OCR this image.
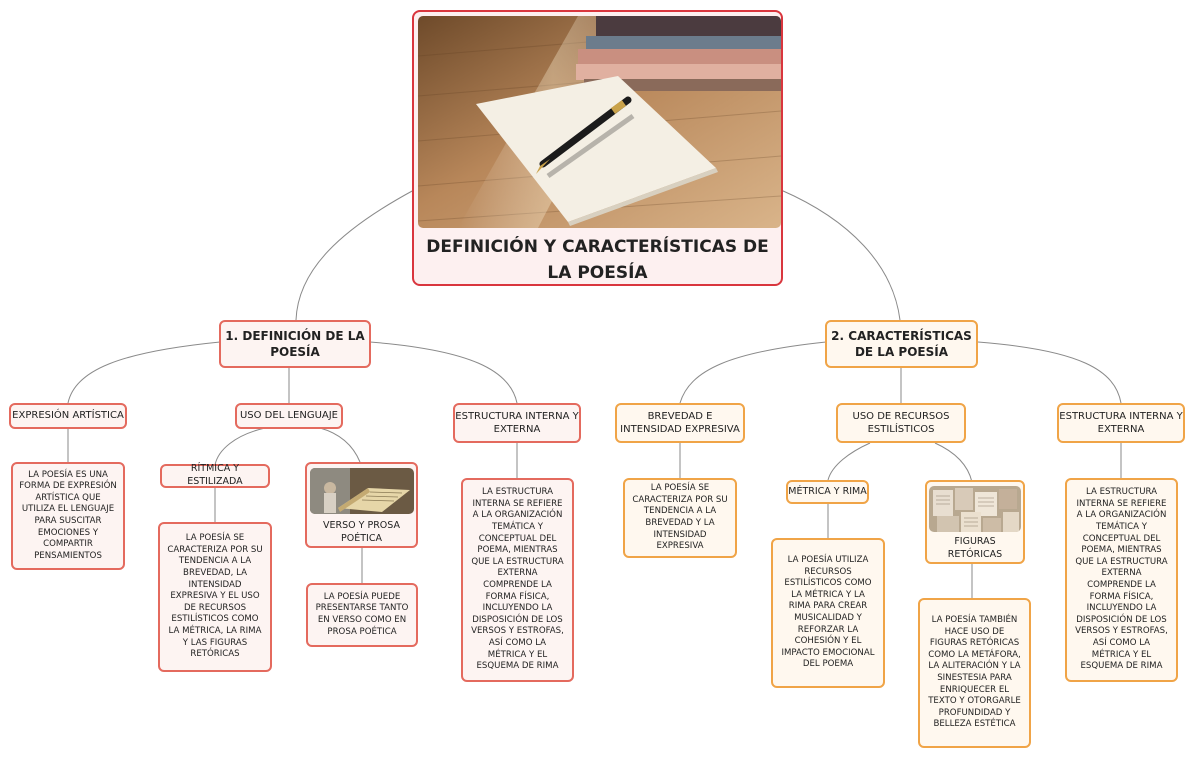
DEFINICIÓN Y CARACTERÍSTICAS DE LA POESÍA
1. DEFINICIÓN DE LA POESÍA
EXPRESIÓN ARTÍSTICA
LA POESÍA ES UNA FORMA DE EXPRESIÓN ARTÍSTICA QUE UTILIZA EL LENGUAJE PARA SUSCITAR EMOCIONES Y COMPARTIR PENSAMIENTOS
USO DEL LENGUAJE
RÍTMICA Y ESTILIZADA
LA POESÍA SE CARACTERIZA POR SU TENDENCIA A LA BREVEDAD, LA INTENSIDAD EXPRESIVA Y EL USO DE RECURSOS ESTILÍSTICOS COMO LA MÉTRICA, LA RIMA Y LAS FIGURAS RETÓRICAS
VERSO Y PROSA POÉTICA
LA POESÍA PUEDE PRESENTARSE TANTO EN VERSO COMO EN PROSA POÉTICA
ESTRUCTURA INTERNA Y EXTERNA
LA ESTRUCTURA INTERNA SE REFIERE A LA ORGANIZACIÓN TEMÁTICA Y CONCEPTUAL DEL POEMA, MIENTRAS QUE LA ESTRUCTURA EXTERNA COMPRENDE LA FORMA FÍSICA, INCLUYENDO LA DISPOSICIÓN DE LOS VERSOS Y ESTROFAS, ASÍ COMO LA MÉTRICA Y EL ESQUEMA DE RIMA
2. CARACTERÍSTICAS DE LA POESÍA
BREVEDAD E INTENSIDAD EXPRESIVA
LA POESÍA SE CARACTERIZA POR SU TENDENCIA A LA BREVEDAD Y LA INTENSIDAD EXPRESIVA
USO DE RECURSOS ESTILÍSTICOS
MÉTRICA Y RIMA
LA POESÍA UTILIZA RECURSOS ESTILÍSTICOS COMO LA MÉTRICA Y LA RIMA PARA CREAR MUSICALIDAD Y REFORZAR LA COHESIÓN Y EL IMPACTO EMOCIONAL DEL POEMA
FIGURAS RETÓRICAS
LA POESÍA TAMBIÉN HACE USO DE FIGURAS RETÓRICAS COMO LA METÁFORA, LA ALITERACIÓN Y LA SINESTESIA PARA ENRIQUECER EL TEXTO Y OTORGARLE PROFUNDIDAD Y BELLEZA ESTÉTICA
ESTRUCTURA INTERNA Y EXTERNA
LA ESTRUCTURA INTERNA SE REFIERE A LA ORGANIZACIÓN TEMÁTICA Y CONCEPTUAL DEL POEMA, MIENTRAS QUE LA ESTRUCTURA EXTERNA COMPRENDE LA FORMA FÍSICA, INCLUYENDO LA DISPOSICIÓN DE LOS VERSOS Y ESTROFAS, ASÍ COMO LA MÉTRICA Y EL ESQUEMA DE RIMA
